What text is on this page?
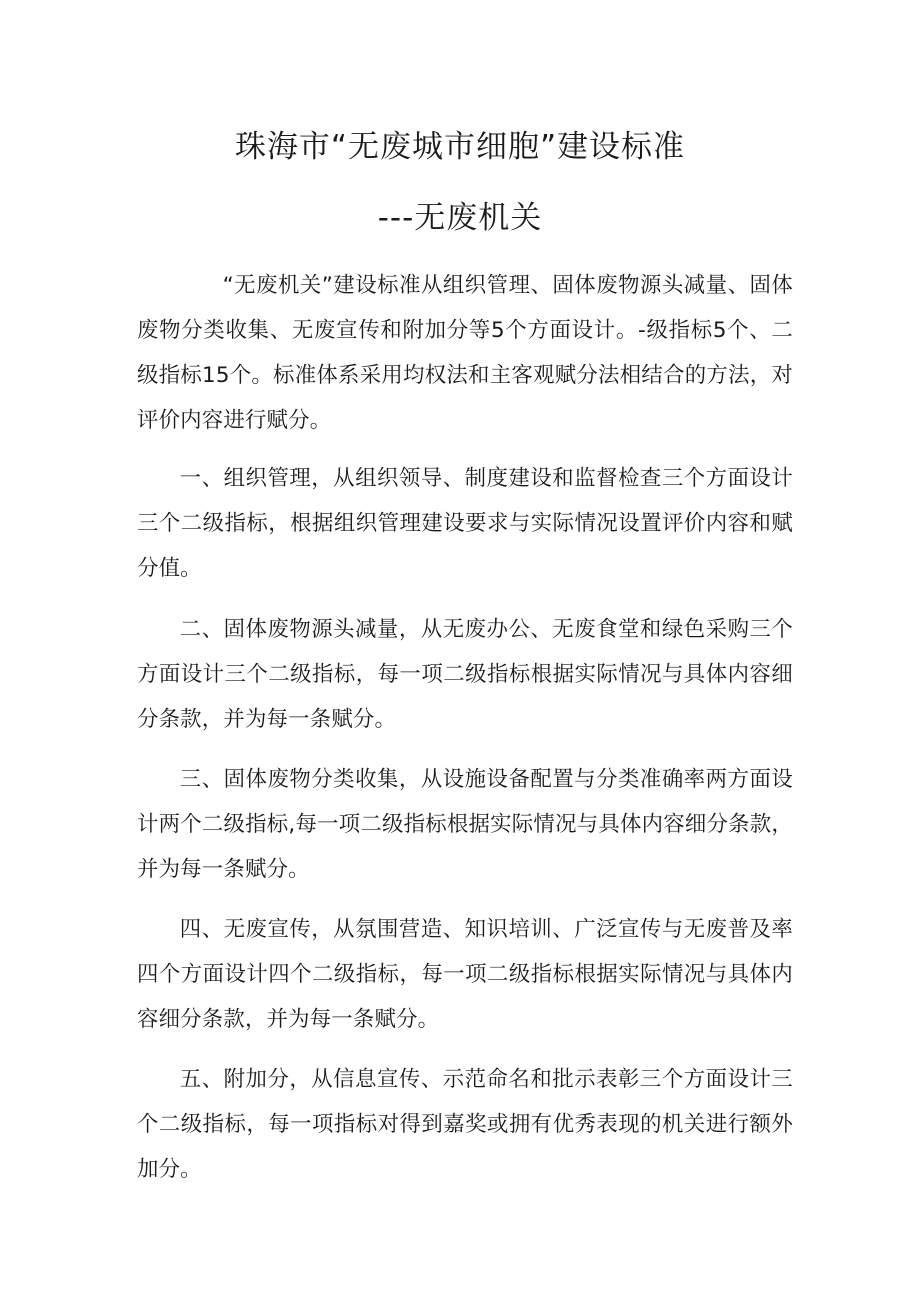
珠海市“无废城市细胞”建设标准
---无废机关

“无废机关”建设标准从组织管理、固体废物源头减量、固体废物分类收集、无废宣传和附加分等5个方面设计。-级指标5个、二级指标15个。标准体系采用均权法和主客观赋分法相结合的方法，对评价内容进行赋分。

一、组织管理，从组织领导、制度建设和监督检查三个方面设计三个二级指标，根据组织管理建设要求与实际情况设置评价内容和赋分值。

二、固体废物源头减量，从无废办公、无废食堂和绿色采购三个方面设计三个二级指标，每一项二级指标根据实际情况与具体内容细分条款，并为每一条赋分。

三、固体废物分类收集，从设施设备配置与分类准确率两方面设计两个二级指标,每一项二级指标根据实际情况与具体内容细分条款，并为每一条赋分。

四、无废宣传，从氛围营造、知识培训、广泛宣传与无废普及率四个方面设计四个二级指标，每一项二级指标根据实际情况与具体内容细分条款，并为每一条赋分。

五、附加分，从信息宣传、示范命名和批示表彰三个方面设计三个二级指标，每一项指标对得到嘉奖或拥有优秀表现的机关进行额外加分。
